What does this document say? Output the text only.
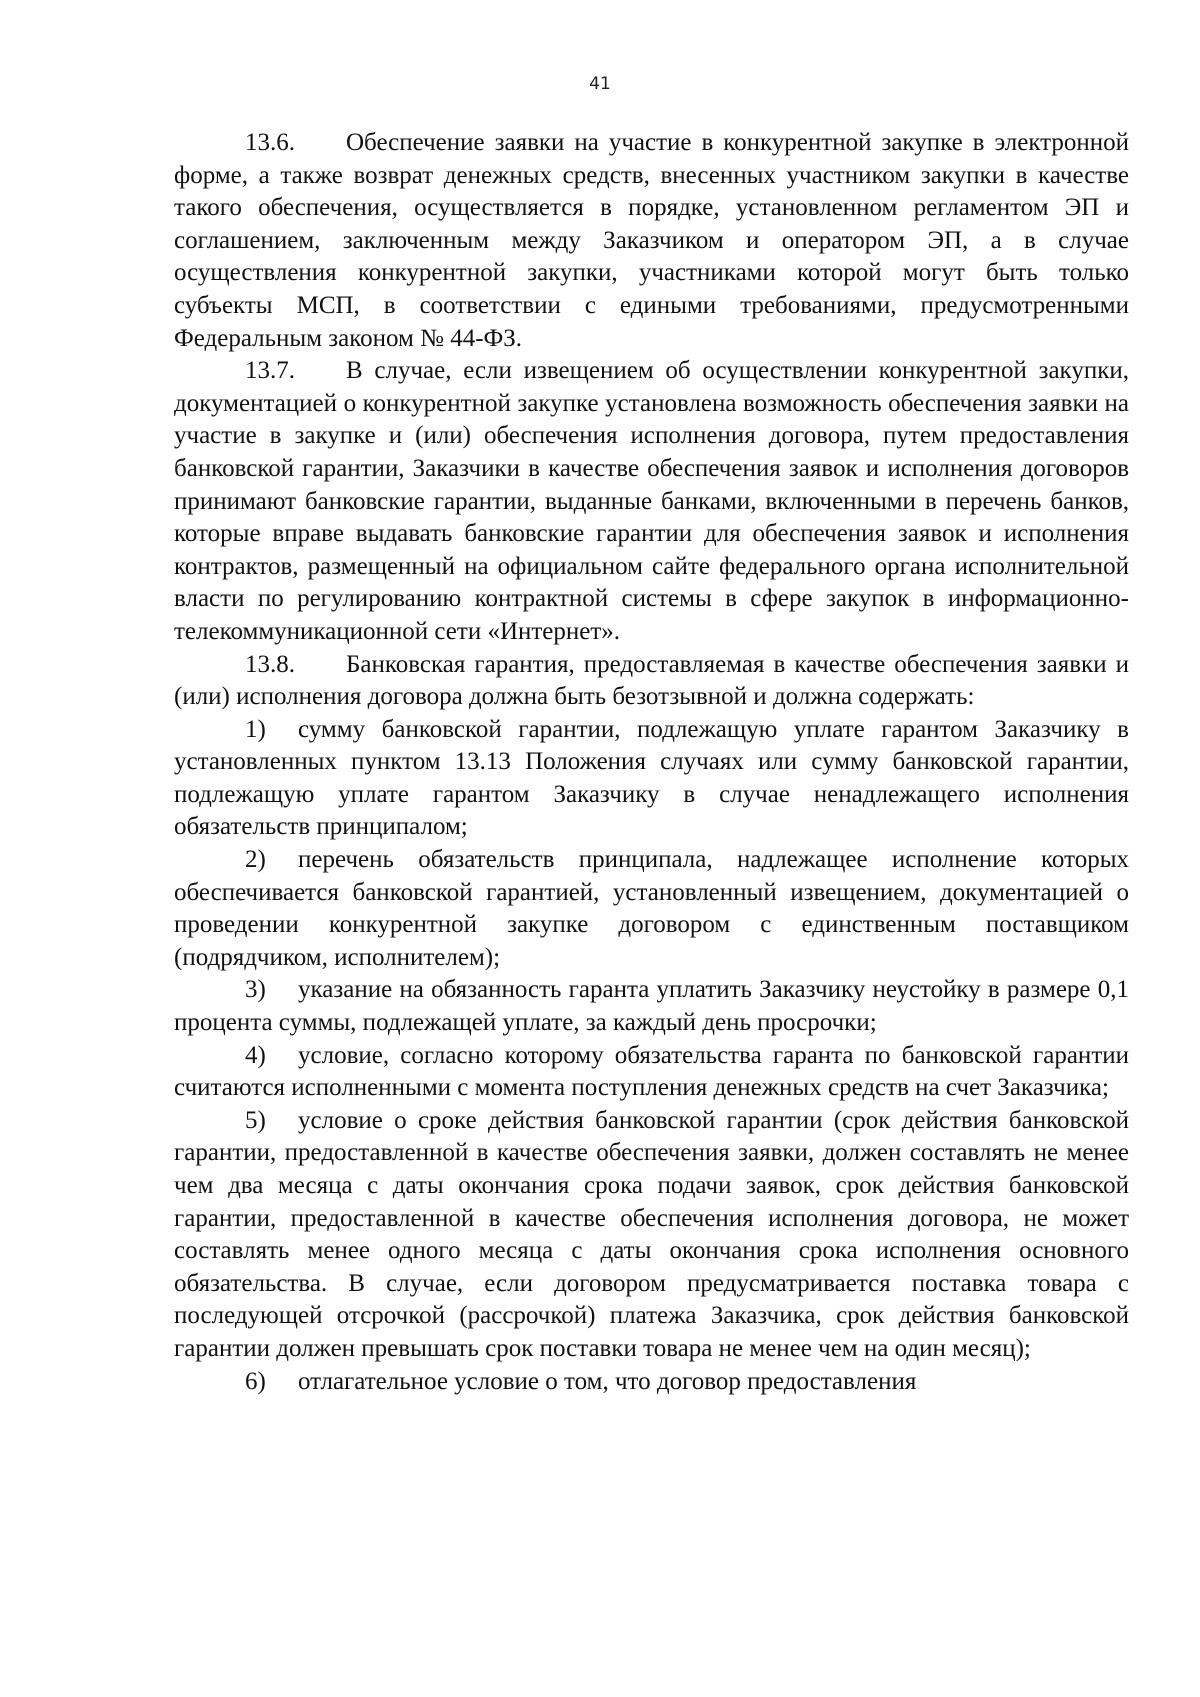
41

13.6. Обеспечение заявки на участие в конкурентной закупке в электронной форме, а также возврат денежных средств, внесенных участником закупки в качестве такого обеспечения, осуществляется в порядке, установленном регламентом ЭП и соглашением, заключенным между Заказчиком и оператором ЭП, а в случае осуществления конкурентной закупки, участниками которой могут быть только субъекты МСП, в соответствии с едиными требованиями, предусмотренными Федеральным законом № 44-ФЗ.

13.7. В случае, если извещением об осуществлении конкурентной закупки, документацией о конкурентной закупке установлена возможность обеспечения заявки на участие в закупке и (или) обеспечения исполнения договора, путем предоставления банковской гарантии, Заказчики в качестве обеспечения заявок и исполнения договоров принимают банковские гарантии, выданные банками, включенными в перечень банков, которые вправе выдавать банковские гарантии для обеспечения заявок и исполнения контрактов, размещенный на официальном сайте федерального органа исполнительной власти по регулированию контрактной системы в сфере закупок в информационно-телекоммуникационной сети «Интернет».

13.8. Банковская гарантия, предоставляемая в качестве обеспечения заявки и (или) исполнения договора должна быть безотзывной и должна содержать:

1) сумму банковской гарантии, подлежащую уплате гарантом Заказчику в установленных пунктом 13.13 Положения случаях или сумму банковской гарантии, подлежащую уплате гарантом Заказчику в случае ненадлежащего исполнения обязательств принципалом;

2) перечень обязательств принципала, надлежащее исполнение которых обеспечивается банковской гарантией, установленный извещением, документацией о проведении конкурентной закупке договором с единственным поставщиком (подрядчиком, исполнителем);

3) указание на обязанность гаранта уплатить Заказчику неустойку в размере 0,1 процента суммы, подлежащей уплате, за каждый день просрочки;

4) условие, согласно которому обязательства гаранта по банковской гарантии считаются исполненными с момента поступления денежных средств на счет Заказчика;

5) условие о сроке действия банковской гарантии (срок действия банковской гарантии, предоставленной в качестве обеспечения заявки, должен составлять не менее чем два месяца с даты окончания срока подачи заявок, срок действия банковской гарантии, предоставленной в качестве обеспечения исполнения договора, не может составлять менее одного месяца с даты окончания срока исполнения основного обязательства. В случае, если договором предусматривается поставка товара с последующей отсрочкой (рассрочкой) платежа Заказчика, срок действия банковской гарантии должен превышать срок поставки товара не менее чем на один месяц);

6) отлагательное условие о том, что договор предоставления
